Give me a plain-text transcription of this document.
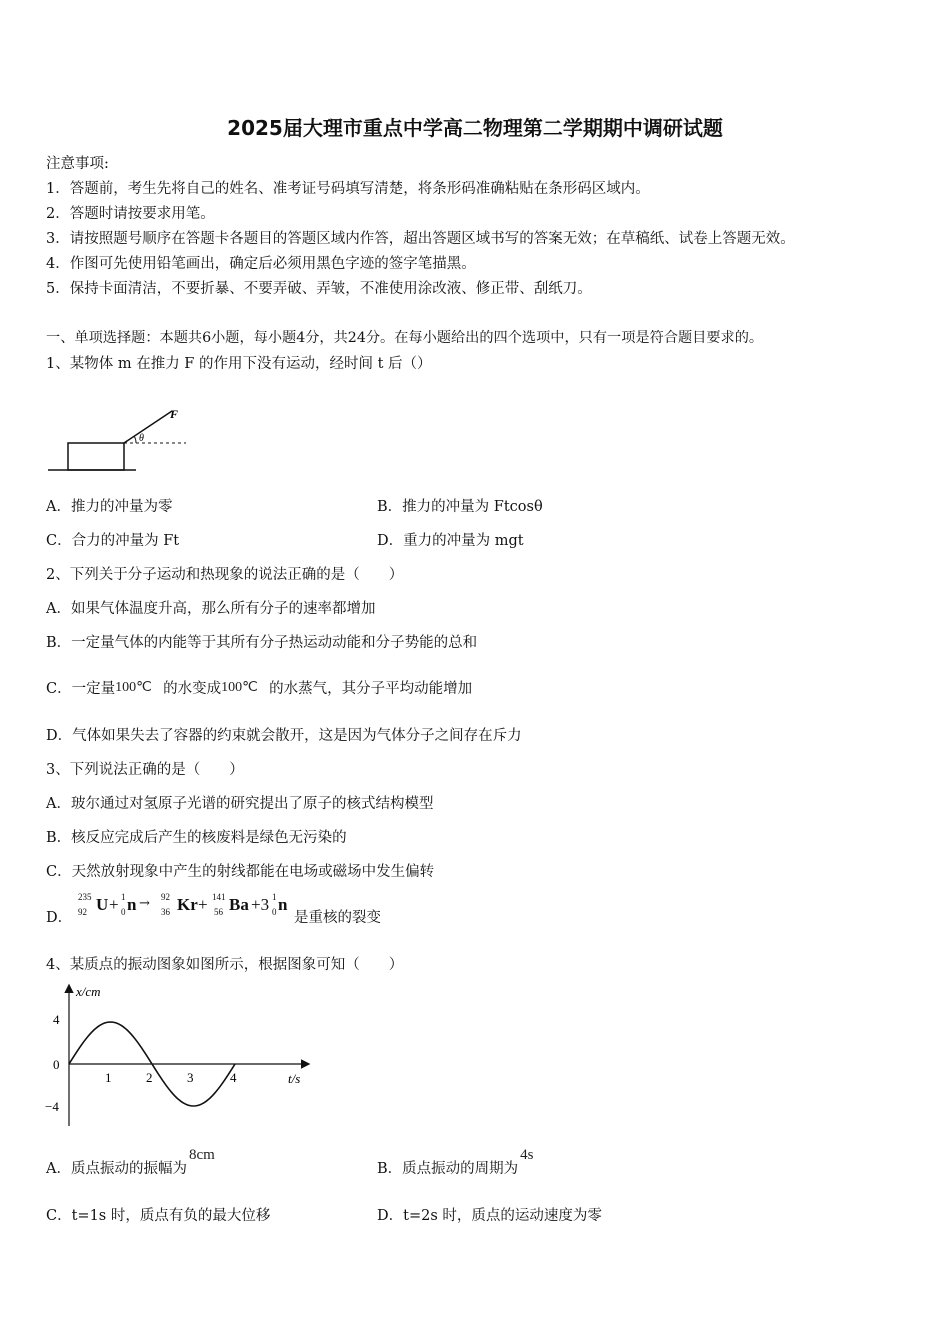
2025届大理市重点中学高二物理第二学期期中调研试题
注意事项:
1．答题前，考生先将自己的姓名、准考证号码填写清楚，将条形码准确粘贴在条形码区域内。
2．答题时请按要求用笔。
3．请按照题号顺序在答题卡各题目的答题区域内作答，超出答题区域书写的答案无效；在草稿纸、试卷上答题无效。
4．作图可先使用铅笔画出，确定后必须用黑色字迹的签字笔描黑。
5．保持卡面清洁，不要折暴、不要弄破、弄皱，不准使用涂改液、修正带、刮纸刀。
一、单项选择题：本题共6小题，每小题4分，共24分。在每小题给出的四个选项中，只有一项是符合题目要求的。
1、某物体 m 在推力 F 的作用下没有运动，经时间 t 后（）
F
θ
A．推力的冲量为零	B．推力的冲量为 Ftcosθ
C．合力的冲量为 Ft	D．重力的冲量为 mgt
2、下列关于分子运动和热现象的说法正确的是（　　）
A．如果气体温度升高，那么所有分子的速率都增加
B．一定量气体的内能等于其所有分子热运动动能和分子势能的总和
C．一定量 100℃ 的水变成 100℃ 的水蒸气，其分子平均动能增加
D．气体如果失去了容器的约束就会散开，这是因为气体分子之间存在斥力
3、下列说法正确的是（　　）
A．玻尔通过对氢原子光谱的研究提出了原子的核式结构模型
B．核反应完成后产生的核废料是绿色无污染的
C．天然放射现象中产生的射线都能在电场或磁场中发生偏转
D．
235
92 U + 1
0 n → 92
36 Kr + 141
56 Ba +3 1
0 n
是重核的裂变
4、某质点的振动图象如图所示，根据图象可知（　　）
x/cm
t/s
4
0
−4
1	2	3	4
A．质点振动的振幅为8cm
B．质点振动的周期为4s
C．t=1s 时，质点有负的最大位移	D．t=2s 时，质点的运动速度为零
